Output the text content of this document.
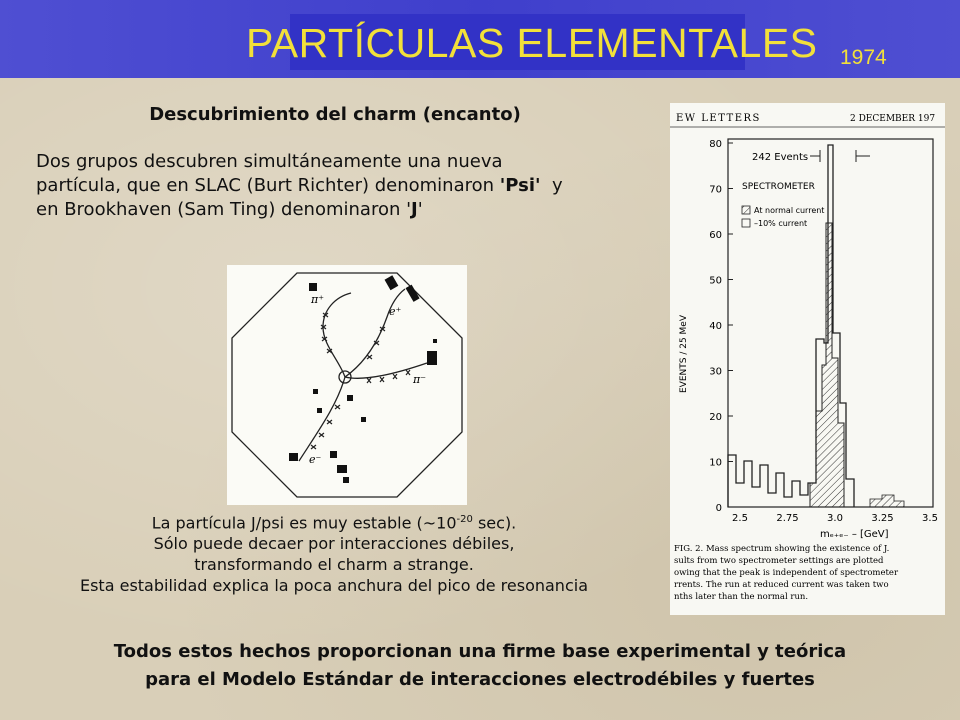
PARTÍCULAS ELEMENTALES 1974
Descubrimiento del charm (encanto)
Dos grupos descubren simultáneamente una nueva
partícula, que en SLAC (Burt Richter) denominaron 'Psi'  y
en Brookhaven (Sam Ting) denominaron 'J'
π⁺
e⁺
π⁻
e⁻
La partícula J/psi es muy estable ($\sim 10^{-20}$ sec).
Sólo puede decaer por interacciones débiles,
transformando el charm a strange.
Esta estabilidad explica la poca anchura del pico de resonancia
EW LETTERS	2 DECEMBER 197
80
70
60
50
40
30
20
10
0
2.5	2.75	3.0	3.25	3.5
EVENTS / 25 MeV
mₑ₊ₑ₋ – [GeV]
242 Events
SPECTROMETER
At normal current
–10% current
FIG. 2. Mass spectrum showing the existence of J.
sults from two spectrometer settings are plotted
owing that the peak is independent of spectrometer
rrents. The run at reduced current was taken two
nths later than the normal run.
Todos estos hechos proporcionan una firme base experimental y teórica
para el Modelo Estándar de interacciones electrodébiles y fuertes
